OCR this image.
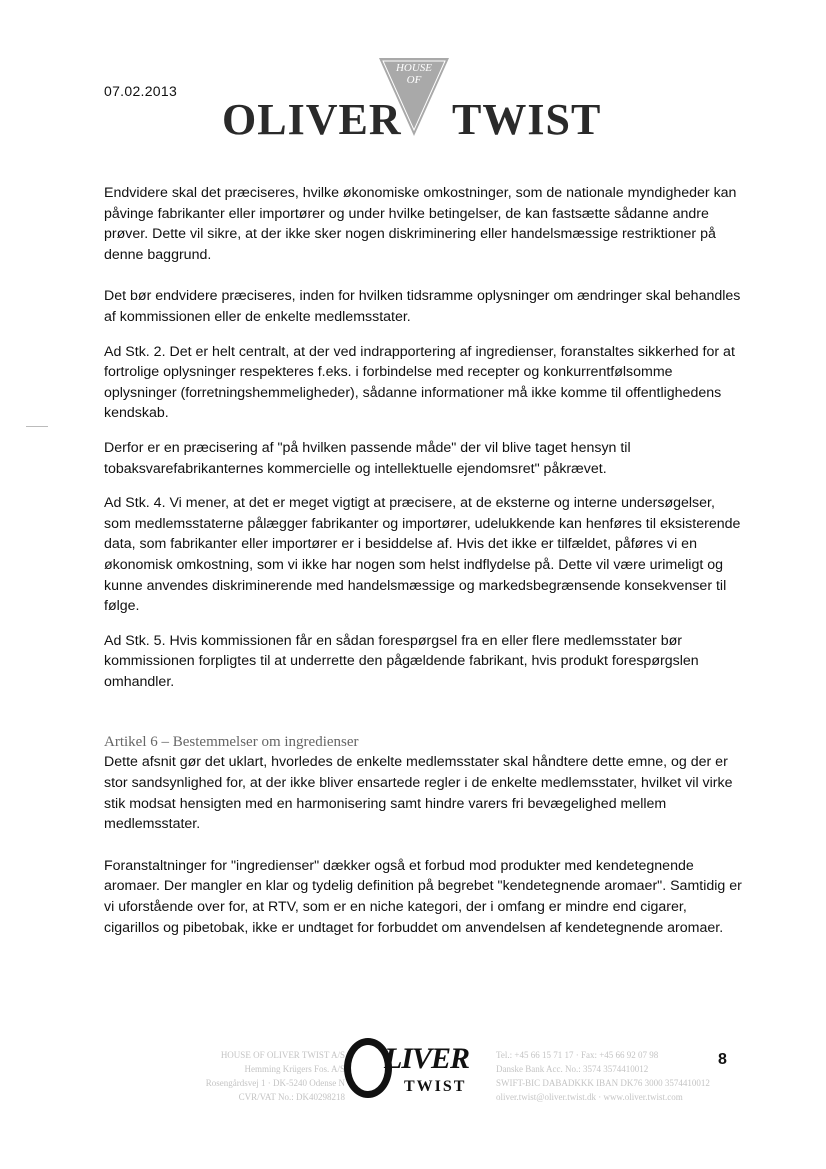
07.02.2013
OLIVER
HOUSE
OF
TWIST

Endvidere skal det præciseres, hvilke økonomiske omkostninger, som de nationale myndigheder kan påvinge fabrikanter eller importører og under hvilke betingelser, de kan fastsætte sådanne andre prøver. Dette vil sikre, at der ikke sker nogen diskriminering eller handelsmæssige restriktioner på denne baggrund.

Det bør endvidere præciseres, inden for hvilken tidsramme oplysninger om ændringer skal behandles af kommissionen eller de enkelte medlemsstater.

Ad Stk. 2. Det er helt centralt, at der ved indrapportering af ingredienser, foranstaltes sikkerhed for at fortrolige oplysninger respekteres f.eks. i forbindelse med recepter og konkurrentfølsomme oplysninger (forretningshemmeligheder), sådanne informationer må ikke komme til offentlighedens kendskab.

Derfor er en præcisering af "på hvilken passende måde" der vil blive taget hensyn til tobaksvarefabrikanternes kommercielle og intellektuelle ejendomsret" påkrævet.

Ad Stk. 4. Vi mener, at det er meget vigtigt at præcisere, at de eksterne og interne undersøgelser, som medlemsstaterne pålægger fabrikanter og importører, udelukkende kan henføres til eksisterende data, som fabrikanter eller importører er i besiddelse af. Hvis det ikke er tilfældet, påføres vi en økonomisk omkostning, som vi ikke har nogen som helst indflydelse på. Dette vil være urimeligt og kunne anvendes diskriminerende med handelsmæssige og markedsbegrænsende konsekvenser til følge.

Ad Stk. 5. Hvis kommissionen får en sådan forespørgsel fra en eller flere medlemsstater bør kommissionen forpligtes til at underrette den pågældende fabrikant, hvis produkt forespørgslen omhandler.

Artikel 6 – Bestemmelser om ingredienser

Dette afsnit gør det uklart, hvorledes de enkelte medlemsstater skal håndtere dette emne, og der er stor sandsynlighed for, at der ikke bliver ensartede regler i de enkelte medlemsstater, hvilket vil virke stik modsat hensigten med en harmonisering samt hindre varers fri bevægelighed mellem medlemsstater.

Foranstaltninger for "ingredienser" dækker også et forbud mod produkter med kendetegnende aromaer. Der mangler en klar og tydelig definition på begrebet "kendetegnende aromaer". Samtidig er vi uforstående over for, at RTV, som er en niche kategori, der i omfang er mindre end cigarer, cigarillos og pibetobak, ikke er undtaget for forbuddet om anvendelsen af kendetegnende aromaer.

HOUSE OF OLIVER TWIST A/S
Hemming Krügers Fos. A/S
Rosengårdsvej 1 · DK-5240 Odense N
CVR/VAT No.: DK40298218
LIVER
TWIST
Tel.: +45 66 15 71 17 · Fax: +45 66 92 07 98
Danske Bank Acc. No.: 3574 3574410012
SWIFT-BIC DABADKKK IBAN DK76 3000 3574410012
oliver.twist@oliver.twist.dk · www.oliver.twist.com
8
